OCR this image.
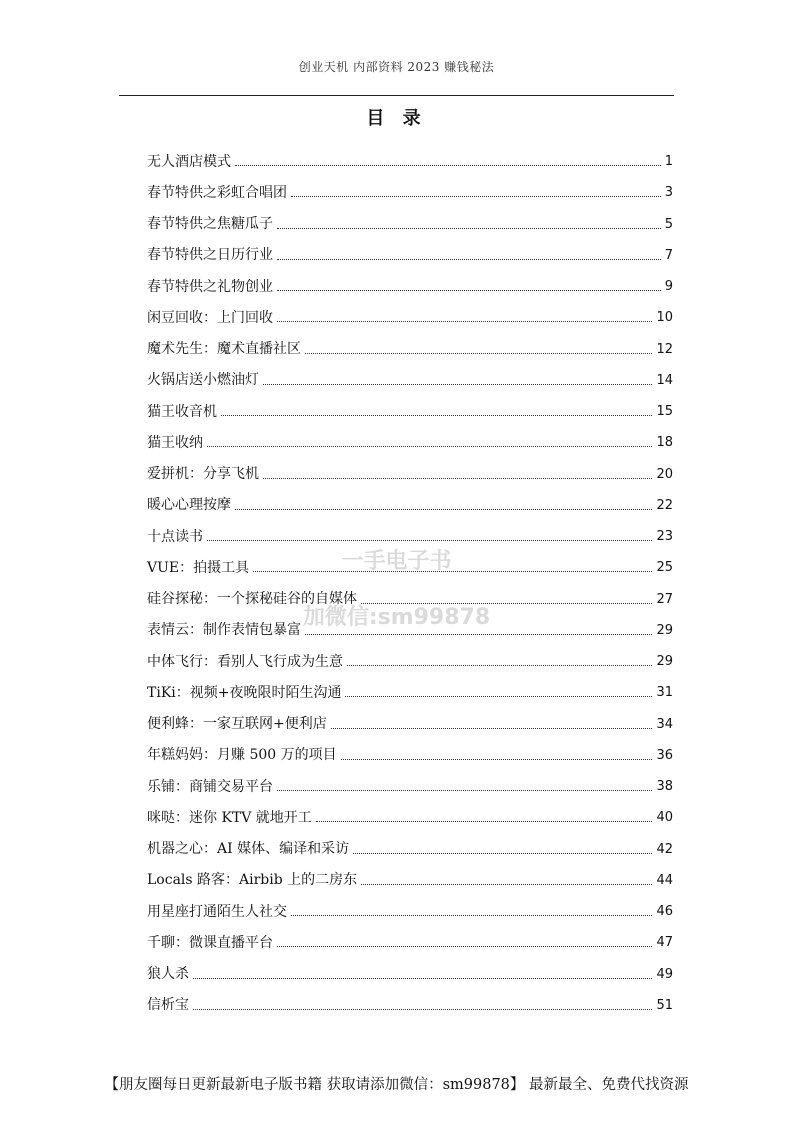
创业天机 内部资料 2023 赚钱秘法
目 录
无人酒店模式	1
春节特供之彩虹合唱团	3
春节特供之焦糖瓜子	5
春节特供之日历行业	7
春节特供之礼物创业	9
闲豆回收：上门回收	10
魔术先生：魔术直播社区	12
火锅店送小燃油灯	14
猫王收音机	15
猫王收纳	18
爱拼机：分享飞机	20
暖心心理按摩	22
十点读书	23
VUE：拍摄工具	25
硅谷探秘：一个探秘硅谷的自媒体	27
表情云：制作表情包暴富	29
中体飞行：看别人飞行成为生意	29
TiKi：视频+夜晚限时陌生沟通	31
便利蜂：一家互联网+便利店	34
年糕妈妈：月赚 500 万的项目	36
乐铺：商铺交易平台	38
咪哒：迷你 KTV 就地开工	40
机器之心：AI 媒体、编译和采访	42
Locals 路客：Airbib 上的二房东	44
用星座打通陌生人社交	46
千聊：微课直播平台	47
狼人杀	49
信析宝	51
一手电子书
加微信:sm99878
【朋友圈每日更新最新电子版书籍 获取请添加微信：sm99878】 最新最全、免费代找资源
